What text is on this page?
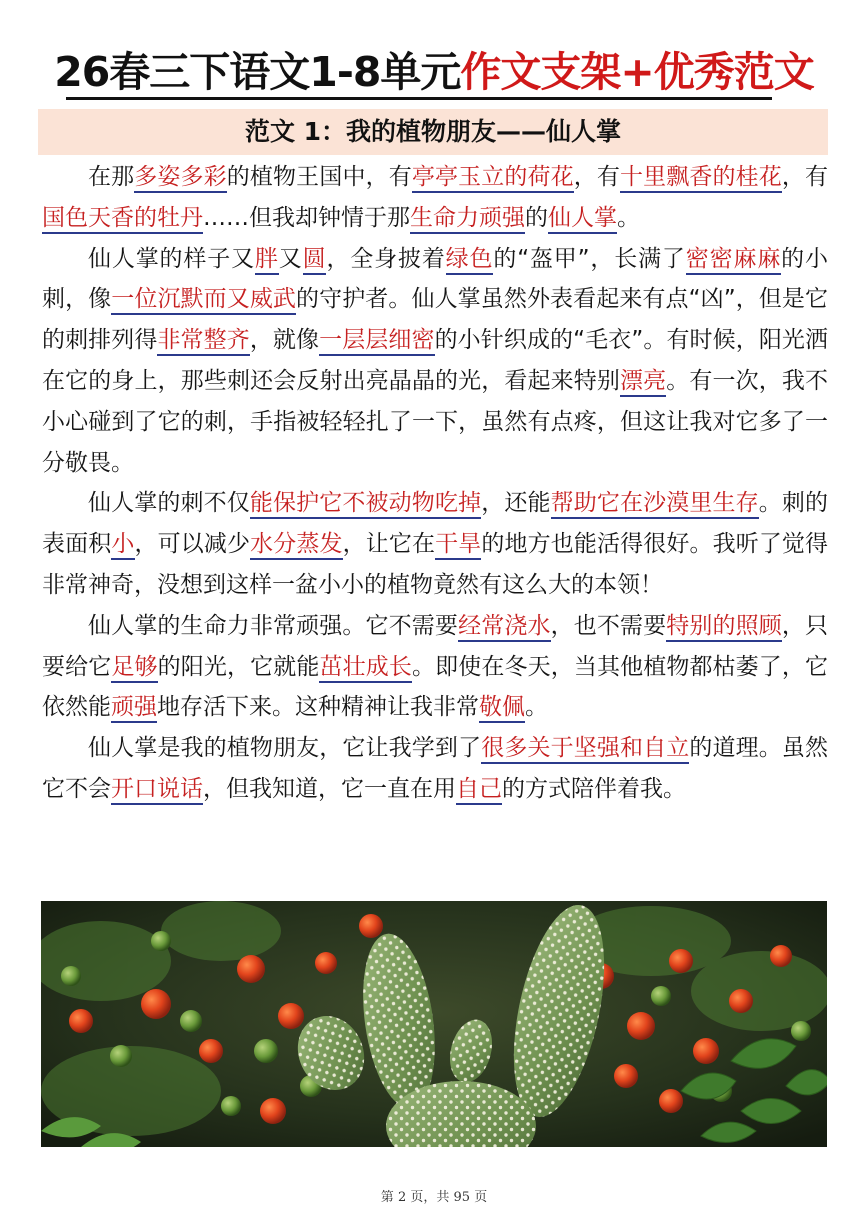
26春三下语文1-8单元作文支架+优秀范文
范文 1：我的植物朋友——仙人掌

在那多姿多彩的植物王国中，有亭亭玉立的荷花，有十里飘香的桂花，有国色天香的牡丹……但我却钟情于那生命力顽强的仙人掌。

仙人掌的样子又胖又圆，全身披着绿色的“盔甲”，长满了密密麻麻的小刺，像一位沉默而又威武的守护者。仙人掌虽然外表看起来有点“凶”，但是它的刺排列得非常整齐，就像一层层细密的小针织成的“毛衣”。有时候，阳光洒在它的身上，那些刺还会反射出亮晶晶的光，看起来特别漂亮。有一次，我不小心碰到了它的刺，手指被轻轻扎了一下，虽然有点疼，但这让我对它多了一分敬畏。

仙人掌的刺不仅能保护它不被动物吃掉，还能帮助它在沙漠里生存。刺的表面积小，可以减少水分蒸发，让它在干旱的地方也能活得很好。我听了觉得非常神奇，没想到这样一盆小小的植物竟然有这么大的本领！

仙人掌的生命力非常顽强。它不需要经常浇水，也不需要特别的照顾，只要给它足够的阳光，它就能茁壮成长。即使在冬天，当其他植物都枯萎了，它依然能顽强地存活下来。这种精神让我非常敬佩。

仙人掌是我的植物朋友，它让我学到了很多关于坚强和自立的道理。虽然它不会开口说话，但我知道，它一直在用自己的方式陪伴着我。

第 2 页，共 95 页
